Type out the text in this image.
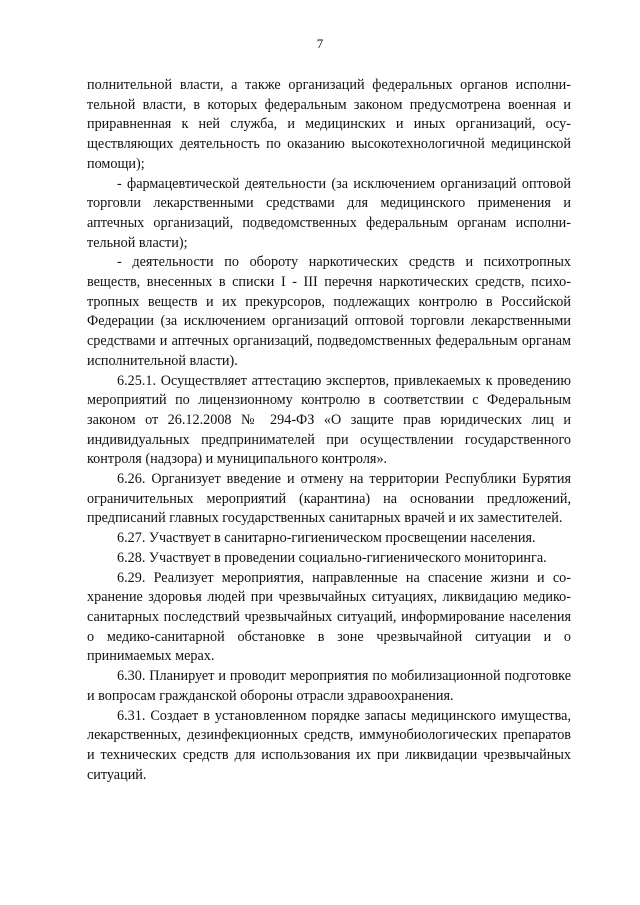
7

полнительной власти, а также организаций федеральных органов исполнительной власти, в которых федеральным законом предусмотрена военная и приравненная к ней служба, и медицинских и иных организаций, осуществляющих деятельность по оказанию высокотехнологичной медицинской помощи);

- фармацевтической деятельности (за исключением организаций оптовой торговли лекарственными средствами для медицинского применения и аптечных организаций, подведомственных федеральным органам исполнительной власти);

- деятельности по обороту наркотических средств и психотропных веществ, внесенных в списки I - III перечня наркотических средств, психотропных веществ и их прекурсоров, подлежащих контролю в Российской Федерации (за исключением организаций оптовой торговли лекарственными средствами и аптечных организаций, подведомственных федеральным органам исполнительной власти).

6.25.1. Осуществляет аттестацию экспертов, привлекаемых к проведению мероприятий по лицензионному контролю в соответствии с Федеральным законом от 26.12.2008 № 294-ФЗ «О защите прав юридических лиц и индивидуальных предпринимателей при осуществлении государственного контроля (надзора) и муниципального контроля».

6.26. Организует введение и отмену на территории Республики Бурятия ограничительных мероприятий (карантина) на основании предложений, предписаний главных государственных санитарных врачей и их заместителей.

6.27. Участвует в санитарно-гигиеническом просвещении населения.

6.28. Участвует в проведении социально-гигиенического мониторинга.

6.29. Реализует мероприятия, направленные на спасение жизни и сохранение здоровья людей при чрезвычайных ситуациях, ликвидацию медико-санитарных последствий чрезвычайных ситуаций, информирование населения о медико-санитарной обстановке в зоне чрезвычайной ситуации и о принимаемых мерах.

6.30. Планирует и проводит мероприятия по мобилизационной подготовке и вопросам гражданской обороны отрасли здравоохранения.

6.31. Создает в установленном порядке запасы медицинского имущества, лекарственных, дезинфекционных средств, иммунобиологических препаратов и технических средств для использования их при ликвидации чрезвычайных ситуаций.
